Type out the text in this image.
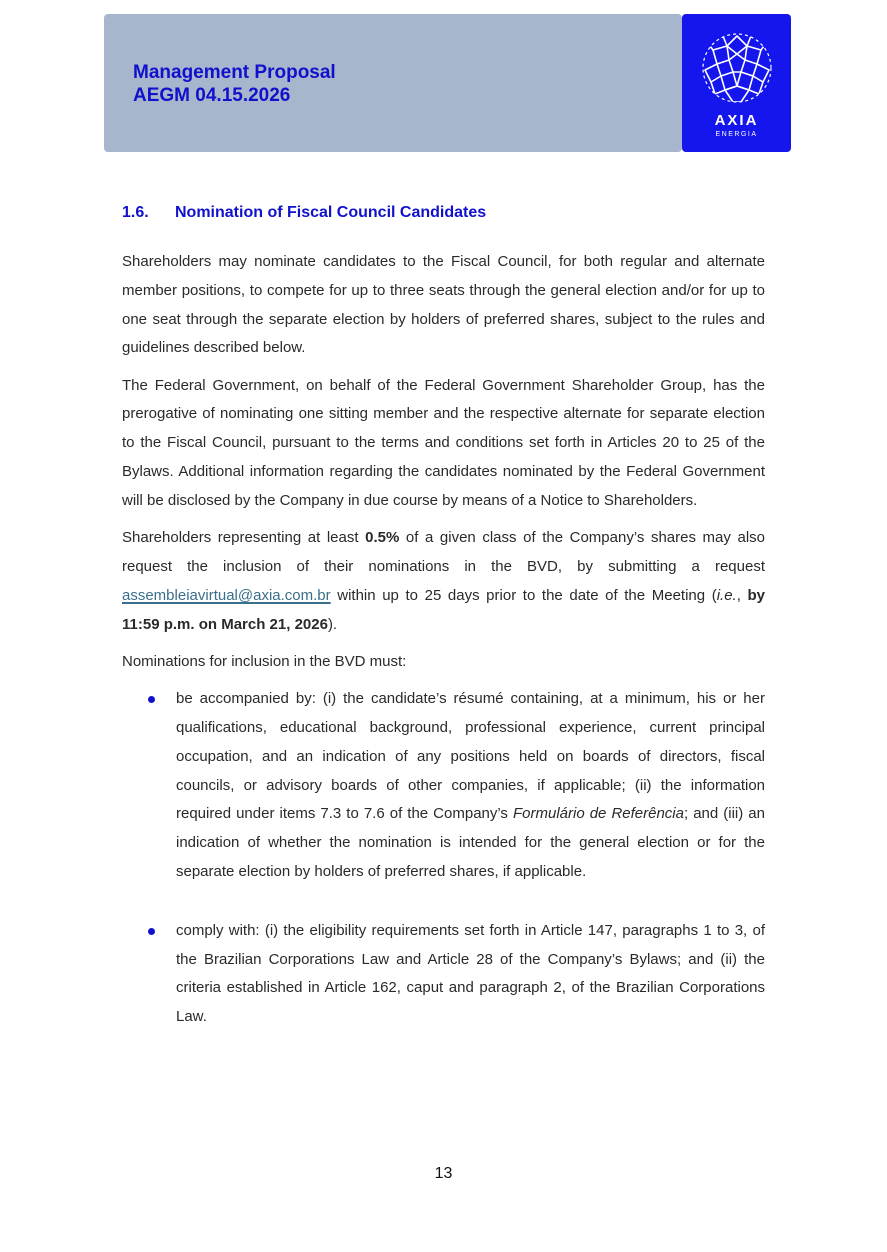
Management Proposal
AEGM 04.15.2026
AXIA
ENERGIA
1.6. Nomination of Fiscal Council Candidates

Shareholders may nominate candidates to the Fiscal Council, for both regular and alternate member positions, to compete for up to three seats through the general election and/or for up to one seat through the separate election by holders of preferred shares, subject to the rules and guidelines described below.

The Federal Government, on behalf of the Federal Government Shareholder Group, has the prerogative of nominating one sitting member and the respective alternate for separate election to the Fiscal Council, pursuant to the terms and conditions set forth in Articles 20 to 25 of the Bylaws. Additional information regarding the candidates nominated by the Federal Government will be disclosed by the Company in due course by means of a Notice to Shareholders.

Shareholders representing at least 0.5% of a given class of the Company’s shares may also request the inclusion of their nominations in the BVD, by submitting a request assembleiavirtual@axia.com.br within up to 25 days prior to the date of the Meeting (i.e., by 11:59 p.m. on March 21, 2026).

Nominations for inclusion in the BVD must:

be accompanied by: (i) the candidate’s résumé containing, at a minimum, his or her qualifications, educational background, professional experience, current principal occupation, and an indication of any positions held on boards of directors, fiscal councils, or advisory boards of other companies, if applicable; (ii) the information required under items 7.3 to 7.6 of the Company’s Formulário de Referência; and (iii) an indication of whether the nomination is intended for the general election or for the separate election by holders of preferred shares, if applicable.
comply with: (i) the eligibility requirements set forth in Article 147, paragraphs 1 to 3, of the Brazilian Corporations Law and Article 28 of the Company’s Bylaws; and (ii) the criteria established in Article 162, caput and paragraph 2, of the Brazilian Corporations Law.
13
